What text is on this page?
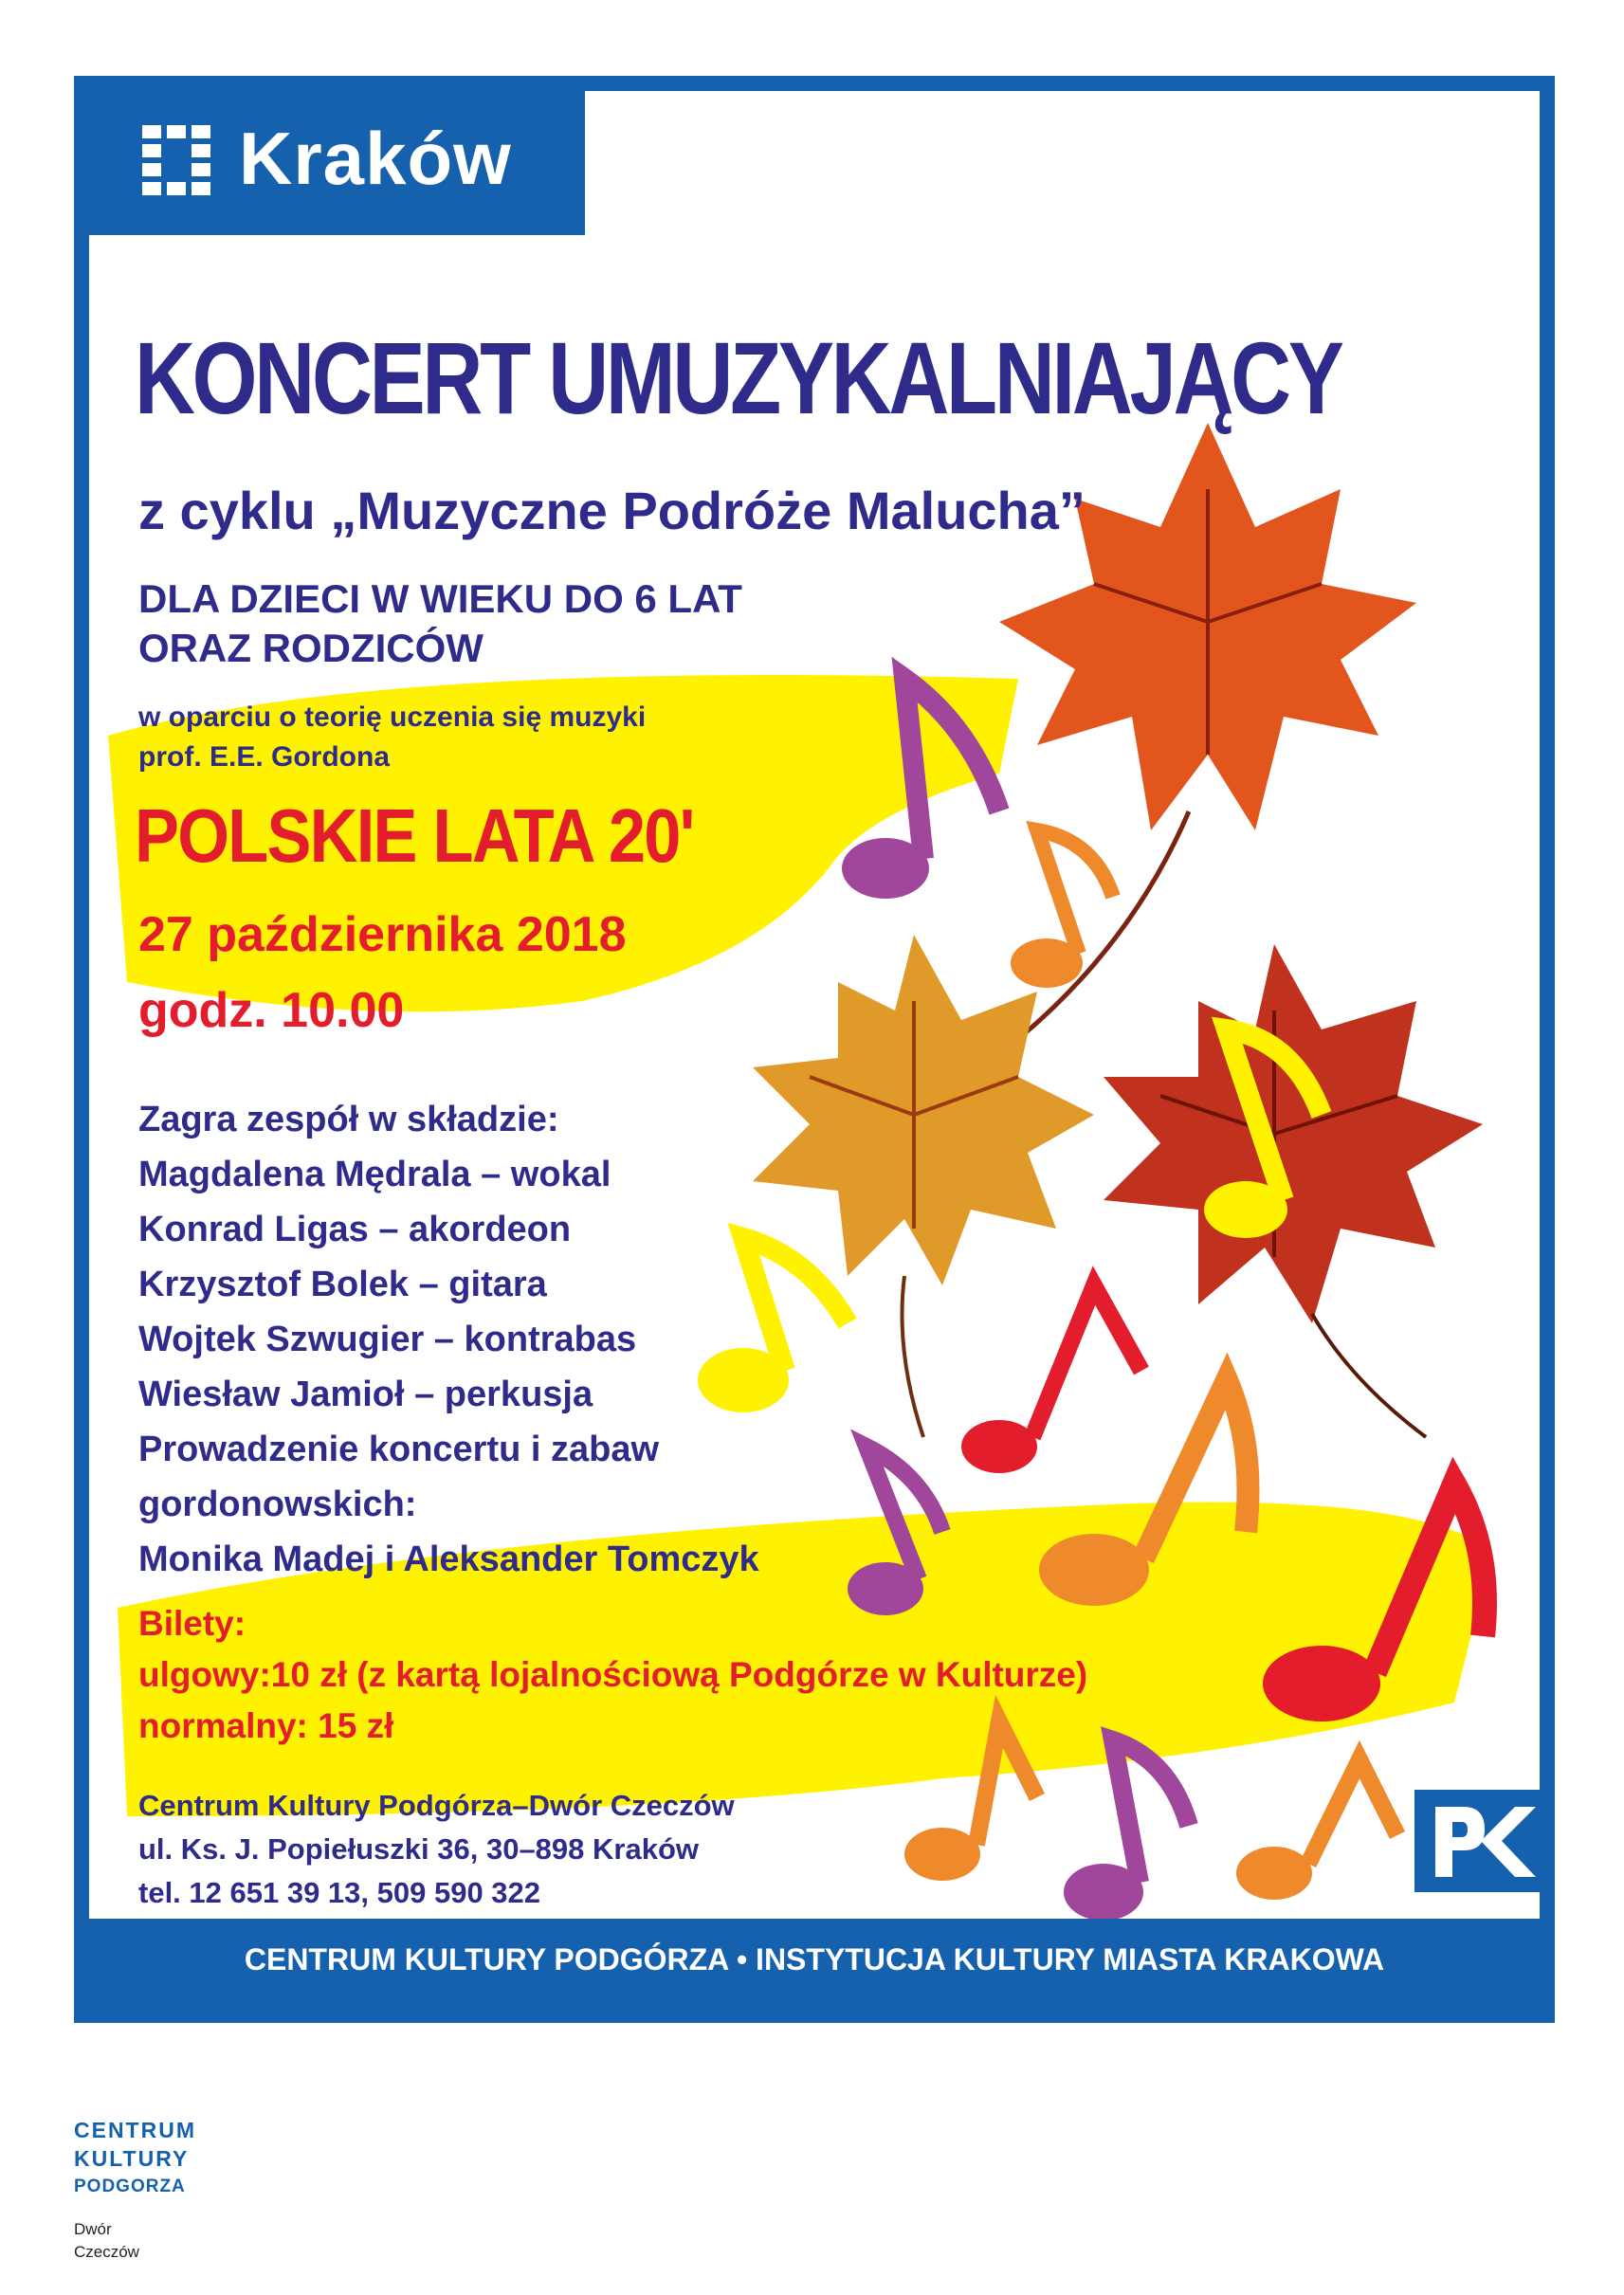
Kraków

KONCERT UMUZYKALNIAJĄCY

z cyklu „Muzyczne Podróże Malucha”

DLA DZIECI W WIEKU DO 6 LAT
ORAZ RODZICÓW
w oparciu o teorię uczenia się muzyki
prof. E.E. Gordona

POLSKIE LATA 20'

27 października 2018

godz. 10.00

Zagra zespół w składzie:
Magdalena Mędrala – wokal
Konrad Ligas – akordeon
Krzysztof Bolek – gitara
Wojtek Szwugier – kontrabas
Wiesław Jamioł – perkusja
Prowadzenie koncertu i zabaw
gordonowskich:
Monika Madej i Aleksander Tomczyk
Bilety:
ulgowy:10 zł (z kartą lojalnościową Podgórze w Kulturze)
normalny: 15 zł
Centrum Kultury Podgórza–Dwór Czeczów
ul. Ks. J. Popiełuszki 36, 30–898 Kraków
tel. 12 651 39 13, 509 590 322
CENTRUM KULTURY PODGÓRZA • INSTYTUCJA KULTURY MIASTA KRAKOWA
CENTRUM
KULTURY
PODGORZA
Dwór
Czeczów
